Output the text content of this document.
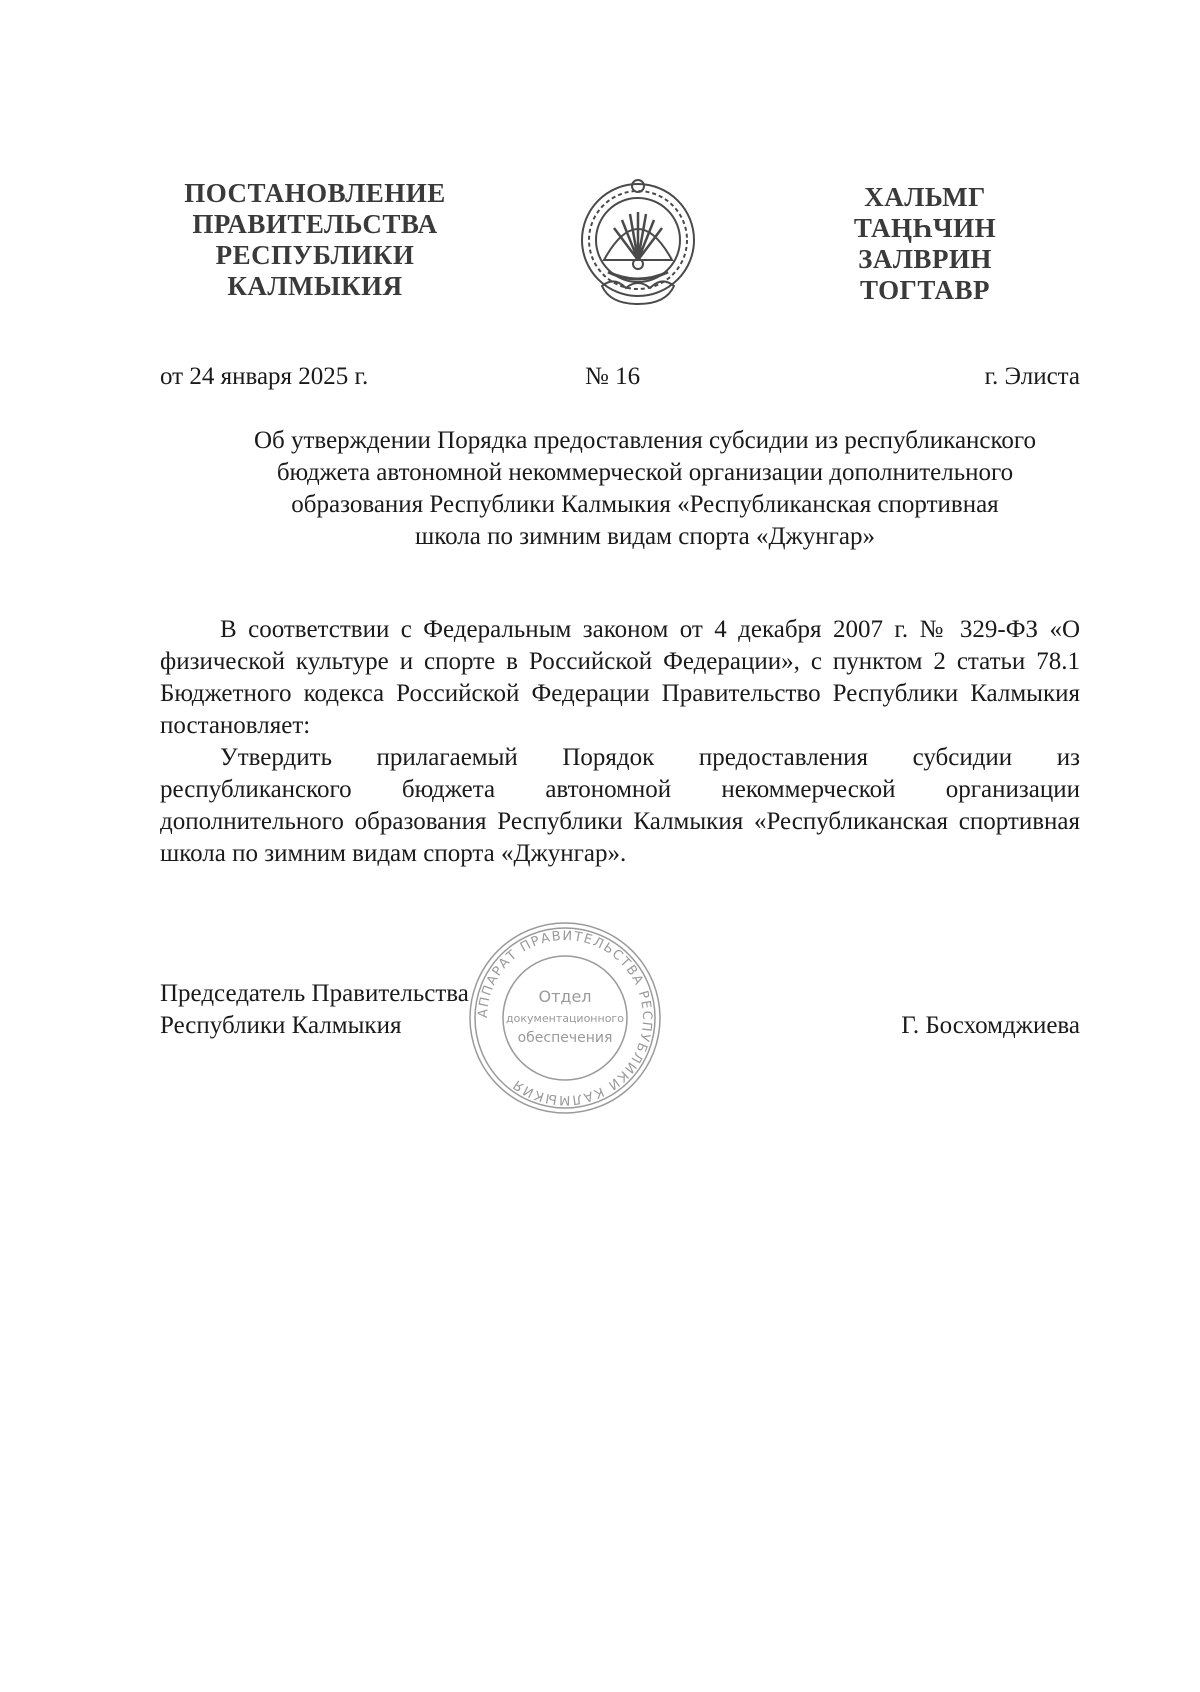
ПОСТАНОВЛЕНИЕ
ПРАВИТЕЛЬСТВА
РЕСПУБЛИКИ
КАЛМЫКИЯ
ХАЛЬМГ
ТАҢҺЧИН
ЗАЛВРИН
ТОГТАВР
от 24 января 2025 г.	№ 16	г. Элиста
Об утверждении Порядка предоставления субсидии из республиканского
бюджета автономной некоммерческой организации дополнительного
образования Республики Калмыкия «Республиканская спортивная
школа по зимним видам спорта «Джунгар»

В соответствии с Федеральным законом от 4 декабря 2007 г. № 329-ФЗ «О физической культуре и спорте в Российской Федерации», с пунктом 2 статьи 78.1 Бюджетного кодекса Российской Федерации Правительство Республики Калмыкия постановляет:

Утвердить прилагаемый Порядок предоставления субсидии из республиканского бюджета автономной некоммерческой организации дополнительного образования Республики Калмыкия «Республиканская спортивная школа по зимним видам спорта «Джунгар».

АППАРАТ ПРАВИТЕЛЬСТВА РЕСПУБЛИКИ КАЛМЫКИЯ
Отдел
документационного
обеспечения
Председатель Правительства
Республики Калмыкия	Г. Босхомджиева
